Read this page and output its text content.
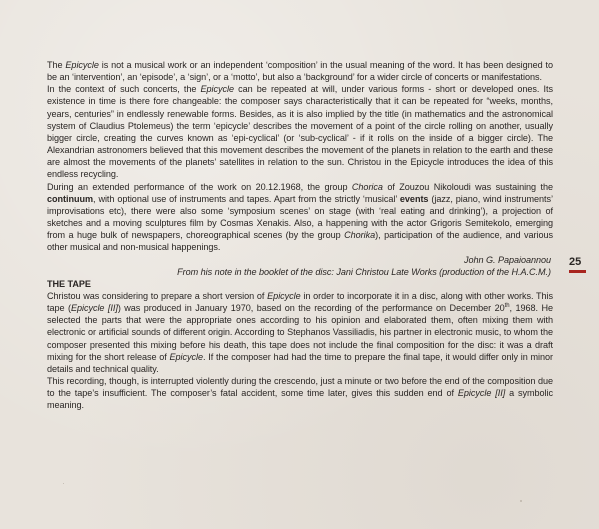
The Epicycle is not a musical work or an independent ‘composition’ in the usual meaning of the word. It has been designed to be an ‘intervention’, an ‘episode’, a ‘sign’, or a ‘motto’, but also a ‘background’ for a wider circle of concerts or manifestations.

In the context of such concerts, the Epicycle can be repeated at will, under various forms - short or developed ones. Its existence in time is there fore changeable: the composer says characteristically that it can be repeated for “weeks, months, years, centuries” in endlessly renewable forms. Besides, as it is also implied by the title (in mathematics and the astronomical system of Claudius Ptolemeus) the term ‘epicycle’ describes the movement of a point of the circle rolling on another, usually bigger circle, creating the curves known as ‘epi-cyclical’ (or ‘sub-cyclical’ - if it rolls on the inside of a bigger circle). The Alexandrian astronomers believed that this movement describes the movement of the planets in relation to the earth and these are almost the movements of the planets’ satellites in relation to the sun. Christou in the Epicycle introduces the idea of this endless recycling.

During an extended performance of the work on 20.12.1968, the group Chorica of Zouzou Nikoloudi was sustaining the continuum, with optional use of instruments and tapes. Apart from the strictly ‘musical’ events (jazz, piano, wind instruments’ improvisations etc), there were also some ‘symposium scenes’ on stage (with ‘real eating and drinking’), a projection of sketches and a moving sculptures film by Cosmas Xenakis. Also, a happening with the actor Grigoris Semitekolo, emerging from a huge bulk of newspapers, choreographical scenes (by the group Chorika), participation of the audience, and various other musical and non-musical happenings.

John G. Papaioannou

From his note in the booklet of the disc: Jani Christou Late Works (production of the H.A.C.M.)

THE TAPE

Christou was considering to prepare a short version of Epicycle in order to incorporate it in a disc, along with other works. This tape (Epicycle [II]) was produced in January 1970, based on the recording of the performance on December 20th, 1968. He selected the parts that were the appropriate ones according to his opinion and elaborated them, often mixing them with electronic or artificial sounds of different origin. According to Stephanos Vassiliadis, his partner in electronic music, to whom the composer presented this mixing before his death, this tape does not include the final composition for the disc: it was a draft mixing for the short release of Epicycle. If the composer had had the time to prepare the final tape, it would differ only in minor details and technical quality.

This recording, though, is interrupted violently during the crescendo, just a minute or two before the end of the composition due to the tape’s insufficient. The composer’s fatal accident, some time later, gives this sudden end of Epicycle [II] a symbolic meaning.

25
